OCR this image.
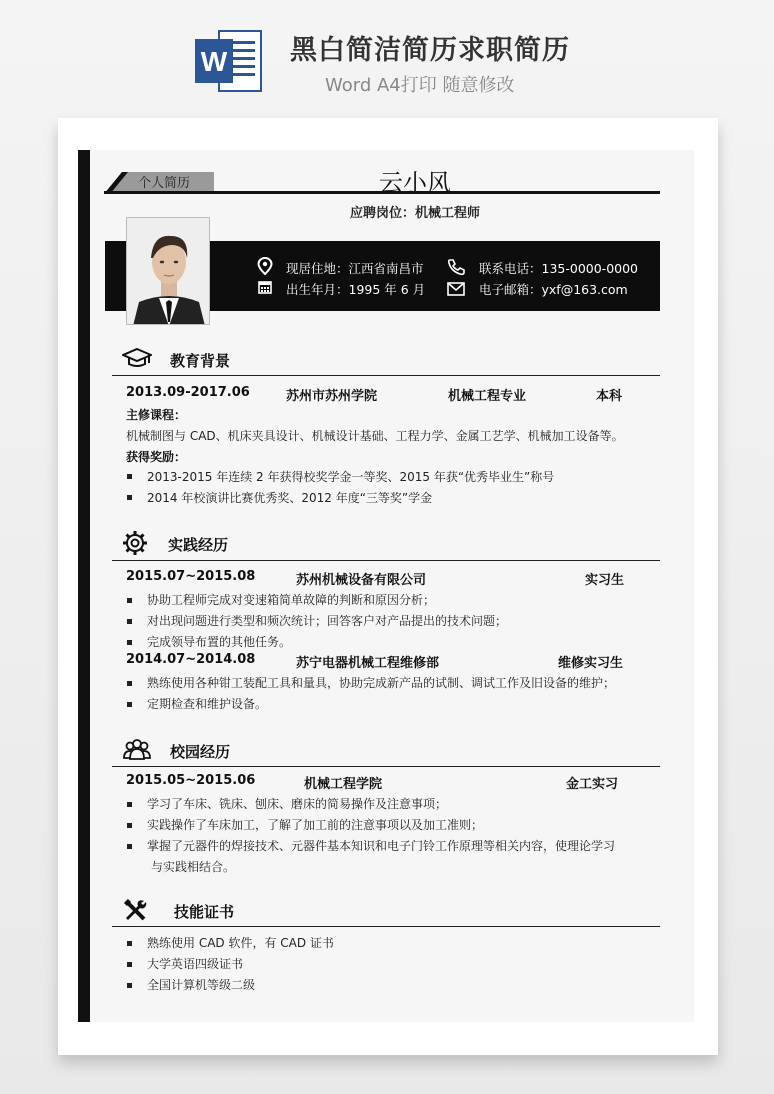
W 黑白简洁简历求职简历
Word A4打印 随意修改
个人简历	云小风
应聘岗位：机械工程师
现居住地：江西省南昌市
出生年月：1995 年 6 月
联系电话：135-0000-0000
电子邮箱：yxf@163.com
教育背景
2013.09-2017.06	苏州市苏州学院	机械工程专业	本科
主修课程：
机械制图与 CAD、机床夹具设计、机械设计基础、工程力学、金属工艺学、机械加工设备等。
获得奖励：
2013-2015 年连续 2 年获得校奖学金一等奖、2015 年获“优秀毕业生”称号
2014 年校演讲比赛优秀奖、2012 年度“三等奖”学金
实践经历
2015.07~2015.08	苏州机械设备有限公司	实习生
协助工程师完成对变速箱简单故障的判断和原因分析；
对出现问题进行类型和频次统计；回答客户对产品提出的技术问题；
完成领导布置的其他任务。
2014.07~2014.08	苏宁电器机械工程维修部	维修实习生
熟练使用各种钳工装配工具和量具，协助完成新产品的试制、调试工作及旧设备的维护；
定期检查和维护设备。
校园经历
2015.05~2015.06	机械工程学院	金工实习
学习了车床、铣床、刨床、磨床的简易操作及注意事项；
实践操作了车床加工，了解了加工前的注意事项以及加工准则；
掌握了元器件的焊接技术、元器件基本知识和电子门铃工作原理等相关内容，使理论学习
与实践相结合。
技能证书
熟练使用 CAD 软件，有 CAD 证书
大学英语四级证书
全国计算机等级二级
